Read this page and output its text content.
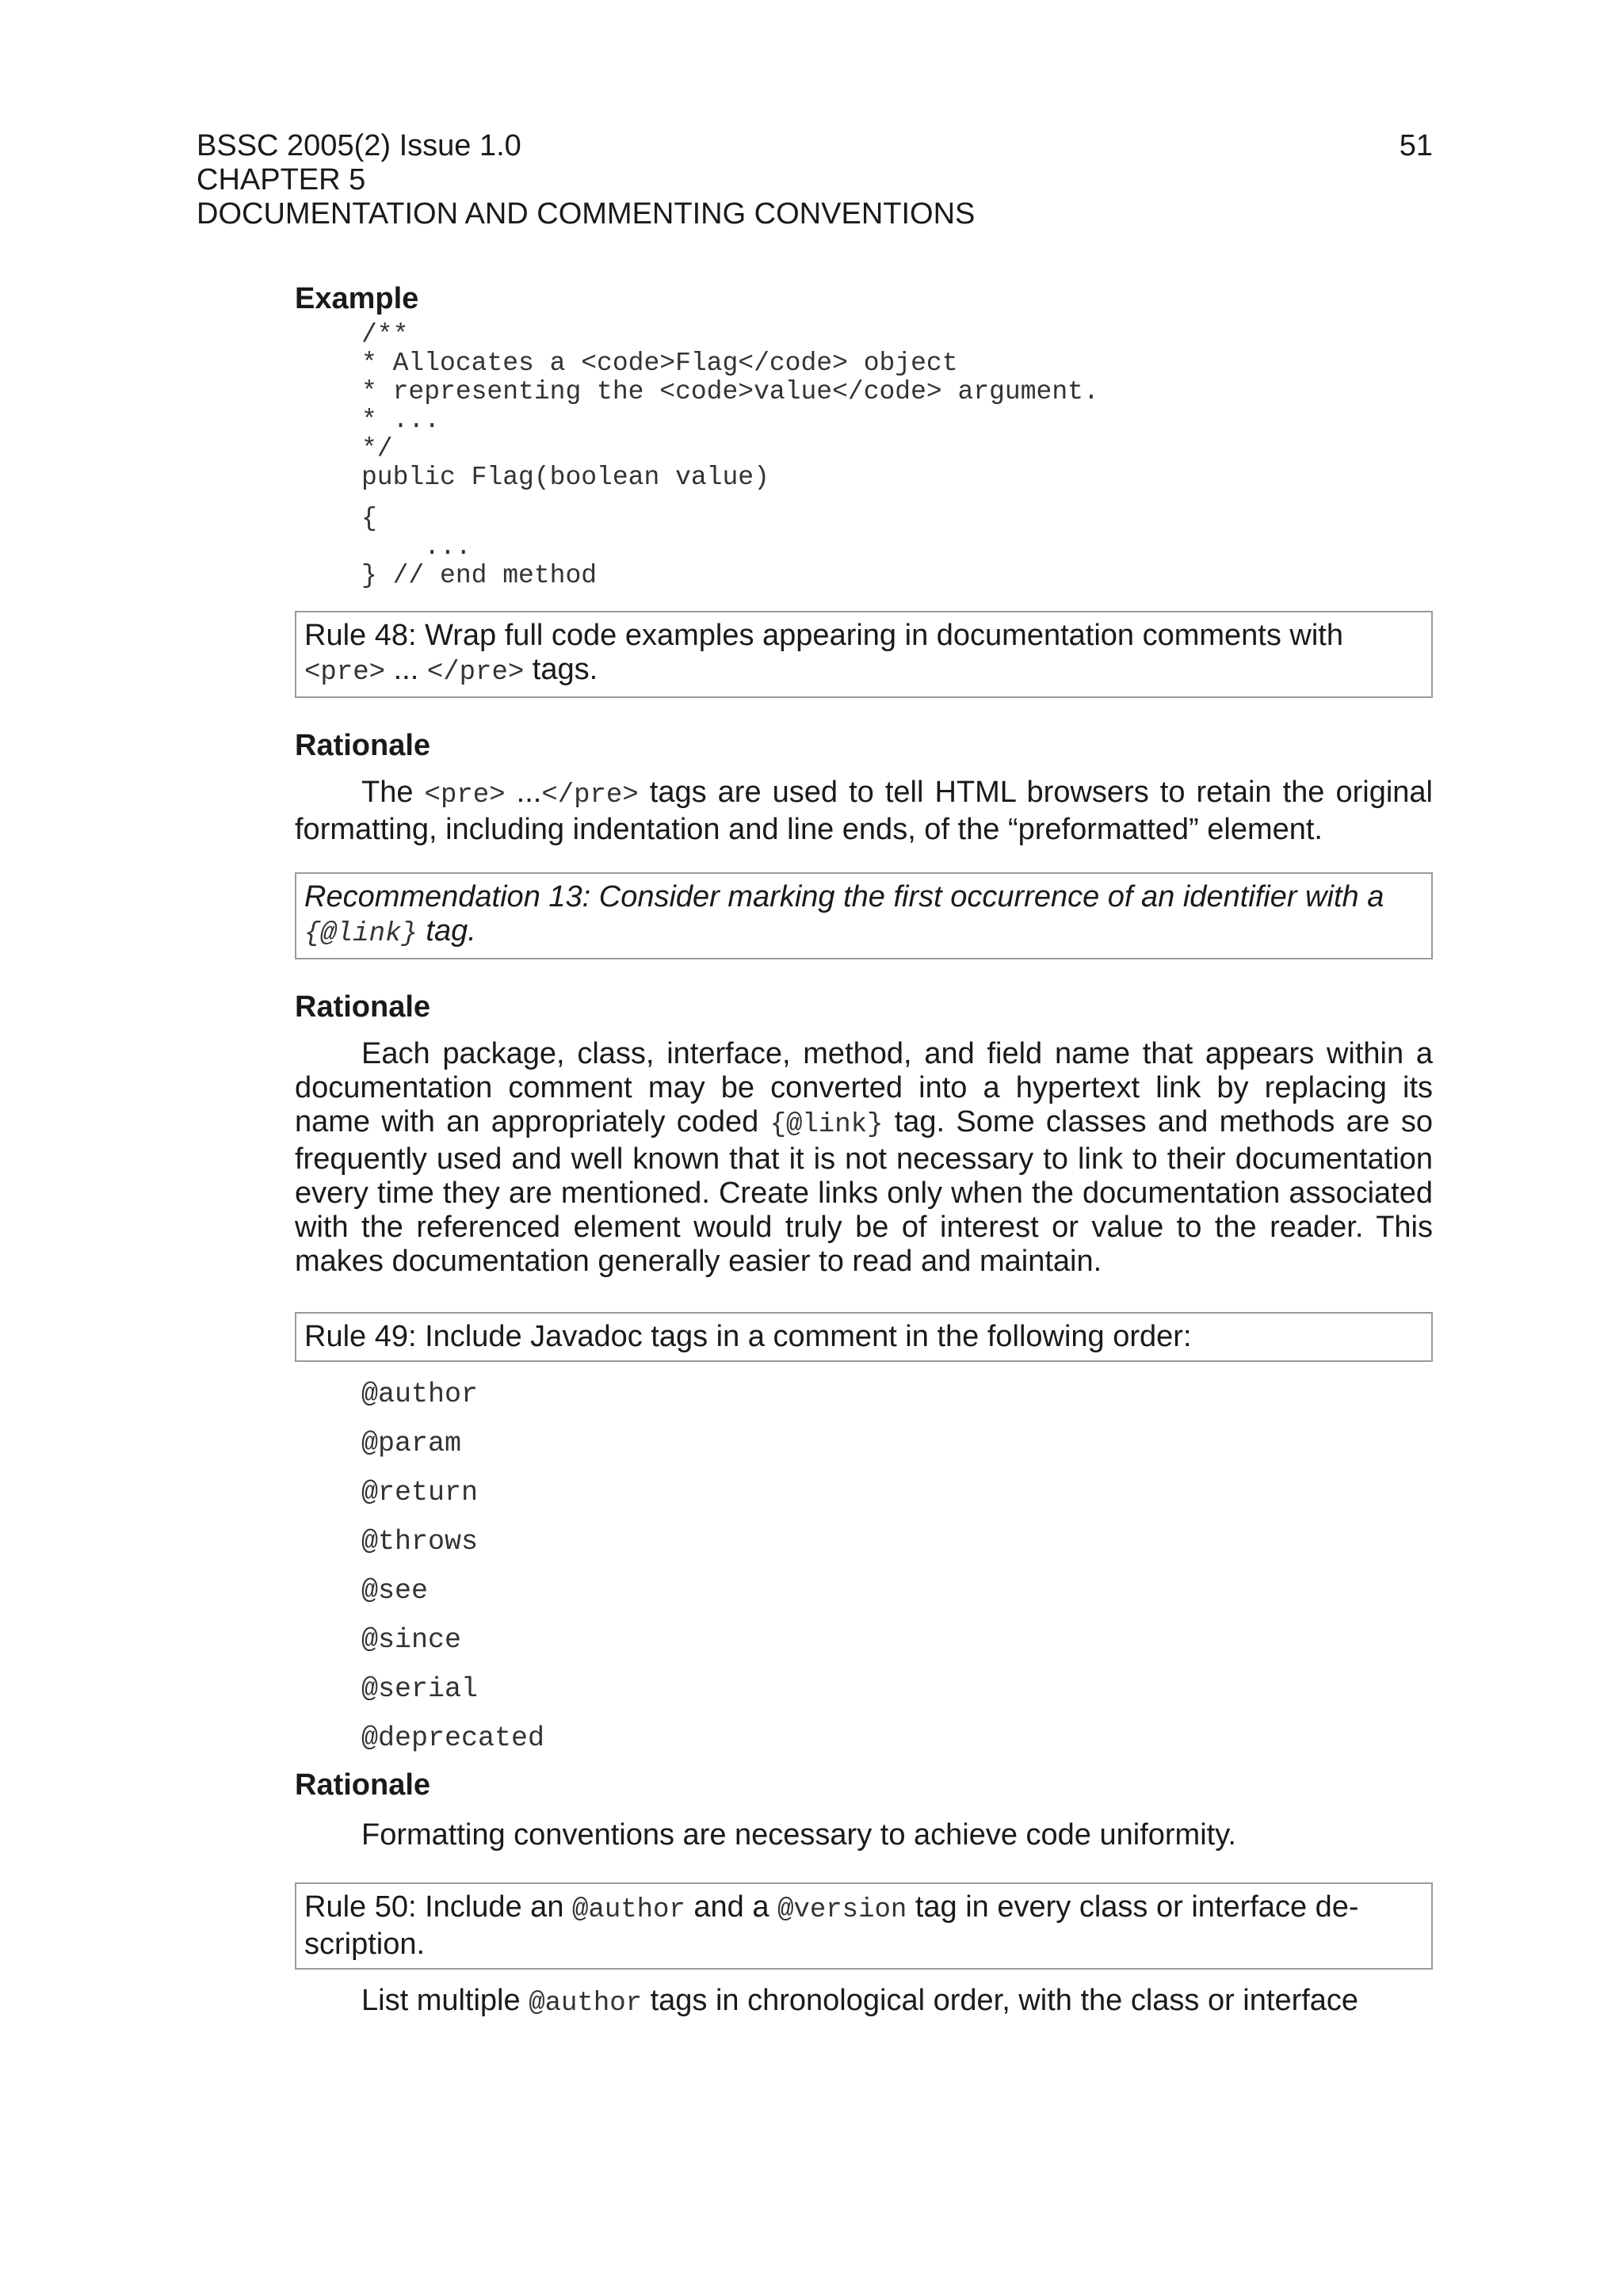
BSSC 2005(2) Issue 1.0	51
CHAPTER 5
DOCUMENTATION AND COMMENTING CONVENTIONS
Example
/**
* Allocates a <code>Flag</code> object
* representing the <code>value</code> argument.
* ...
*/
public Flag(boolean value)
{
...
} // end method
Rule 48: Wrap full code examples appearing in documentation comments with
<pre> ... </pre> tags.
Rationale

The <pre> ...</pre> tags are used to tell HTML browsers to retain the original formatting, including indentation and line ends, of the “preformatted” element.

Recommendation 13: Consider marking the first occurrence of an identifier with a
{@link} tag.
Rationale

Each package, class, interface, method, and field name that appears within a documentation comment may be converted into a hypertext link by replacing its name with an appropriately coded {@link} tag. Some classes and methods are so frequently used and well known that it is not necessary to link to their documentation every time they are mentioned. Create links only when the documentation associated with the referenced element would truly be of interest or value to the reader. This makes documentation generally easier to read and maintain.

Rule 49: Include Javadoc tags in a comment in the following order:
@author
@param
@return
@throws
@see
@since
@serial
@deprecated
Rationale

Formatting conventions are necessary to achieve code uniformity.

Rule 50: Include an @author and a @version tag in every class or interface de-scription.

List multiple @author tags in chronological order, with the class or interface
